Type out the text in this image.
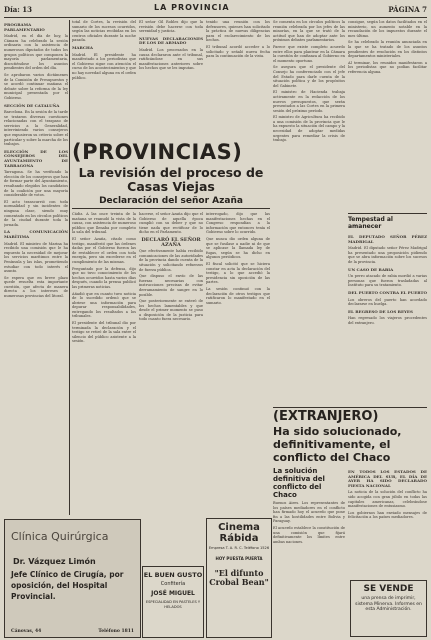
Día: 13	LA PROVINCIA	PÁGINA 7
PROGRAMA PARLAMENTARIO

Madrid, en el día de hoy, la Cámara ha celebrado la sesión ordinaria con la asistencia de numerosos diputados de todos los grupos políticos que componen la mayoría parlamentaria, discutiéndose los asuntos pendientes del orden del día.

Se aprobaron varios dictámenes de la Comisión de Presupuestos y se acordó continuar mañana el debate sobre la reforma de la ley municipal presentada por el Gobierno.

SECCIÓN DE CATALUÑA

Barcelona. En la sesión de la tarde se trataron diversas cuestiones relacionadas con el traspaso de servicios a la Generalidad, interviniendo varios consejeros que expusieron su criterio sobre el particular y sobre la marcha de los trabajos.

ELECCIÓN DE LOS CONSEJEROS DEL AYUNTAMIENTO DE TARRAGONA

Tarragona. Se ha verificado la elección de los consejeros que han de formar parte del Ayuntamiento, resultando elegidos los candidatos de la coalición por una mayoría considerable de votos.

El acto transcurrió con toda normalidad y sin incidentes de ninguna clase, siendo muy comentado en los círculos políticos de la ciudad durante toda la jornada.

LA COMUNICACIÓN MARÍTIMA

Madrid. El ministro de Marina ha recibido una comisión que le ha expuesto la necesidad de mejorar los servicios marítimos entre la Península y las islas, prometiendo estudiar con todo interés el asunto.

Se espera que en breve plazo quede resuelta esta importante cuestión, que afecta de manera directa a los intereses de numerosas provincias del litoral.

total de Cortes, la revisión del sumario de los sucesos ocurridos, según las noticias recibidas en los centros oficiales durante la noche pasada.

MARCHA

Madrid. El presidente ha manifestado a los periodistas que el Gobierno sigue con atención el curso de los acontecimientos y que no hay novedad alguna en el orden público.

El señor Gil Robles dijo que la revisión debe hacerse con toda serenidad y justicia.

NUEVAS DECLARACIONES DE LOS DE ARMADO

Madrid. Los procesados en la causa declararon ante el tribunal, ratificándose en sus manifestaciones anteriores sobre los hechos que se les imputan.

tenido una reunión con los defensores, quienes han solicitado la práctica de nuevas diligencias para el esclarecimiento de los hechos.

El tribunal acordó acceder a lo solicitado y señaló nueva fecha para la continuación de la vista.

(PROVINCIAS)
La revisión del proceso de Casas Viejas
Declaración del señor Azaña

Cádiz. A las once treinta de la mañana se reanudó la vista de la causa, con asistencia de numeroso público que llenaba por completo la sala del tribunal.

El señor Azaña, citado como testigo, manifestó que las órdenes dadas por el Gobierno fueron las de restablecer el orden con toda energía, pero sin excederse en el cumplimiento de las mismas.

Preguntado por la defensa, dijo que no tuvo conocimiento de los hechos ocurridos hasta varios días después, cuando la prensa publicó las primeras noticias.

Añadió que en cuanto tuvo noticia de lo sucedido ordenó que se abriese una información para depurar responsabilidades, entregando los resultados a los tribunales.

El presidente del tribunal dio por terminada la declaración y el testigo se retiró de la sala entre el silencio del público asistente a la sesión.

hacerse, el señor Azaña dijo que el Gobierno de aquella época cumplió con su deber y que no tiene nada que rectificar de lo dicho en el Parlamento.

DECLARÓ EL SEÑOR AZAÑA

Que efectivamente había recibido comunicaciones de las autoridades de la provincia dando cuenta de la situación y solicitando refuerzos de fuerza pública.

Que dispuso el envío de las fuerzas necesarias con instrucciones precisas de evitar derramamiento de sangre en lo posible.

Que posteriormente se enteró de los hechos lamentables y que desde el primer momento se puso a disposición de la justicia para todo cuanto fuera necesario.

interrogado, dijo que las manifestaciones hechas en el Congreso respondían a la información que entonces tenía el Gobierno sobre lo ocurrido.

Que nunca dio orden alguna de que se fusilase a nadie ni de que se aplicase la llamada ley de fugas, según se ha dicho en algunos periódicos.

El fiscal solicitó que se hiciera constar en acta la declaración del testigo, a lo que accedió la presidencia sin oposición de las partes.

La sesión continuó con la declaración de otros testigos que ratificaron lo manifestado en el sumario.

Se comenta en los círculos políticos la reunión celebrada por los jefes de las minorías, en la que se trató de la actitud que han de adoptar ante los próximos debates parlamentarios.

Parece que existe completo acuerdo entre ellos para plantear en la Cámara la cuestión de confianza al Gobierno en el momento oportuno.

Se asegura que el presidente del Consejo ha conferenciado con el jefe del Estado para darle cuenta de la situación política y de los propósitos del Gabinete.

El ministro de Hacienda trabaja activamente en la redacción de los nuevos presupuestos, que serán presentados a las Cortes en la primera sesión del próximo período.

El ministro de Agricultura ha recibido a una comisión de la provincia que le ha expuesto la situación del campo y la necesidad de adoptar medidas urgentes para remediar la crisis de trabajo.

consigue, según los datos facilitados en el ministerio, un aumento notable en la recaudación de los impuestos durante el mes último.

Se ha celebrado la reunión anunciada en la que se ha tratado de los asuntos pendientes de resolución en los distintos departamentos ministeriales.

Al terminar, los reunidos manifestaron a los periodistas que no podían facilitar referencia alguna.

Tempestad al amanecer
EL DEPUTADO SEÑOR PÉREZ MADRIGAL

Madrid. El diputado señor Pérez Madrigal ha presentado una proposición pidiendo que se abra información sobre los sucesos de la provincia.

UN CASO DE RABIA

Un perro atacado de rabia mordió a varias personas que fueron trasladadas al Instituto para su tratamiento.

DEL PUERTO CONTRA EL PUERTO

Los obreros del puerto han acordado declararse en huelga.

EL REGRESO DE LOS REYES

Han regresado los viajeros procedentes del extranjero.

(EXTRANJERO)
Ha sido solucionado, definitivamente, el conflicto del Chaco
La solución definitiva del conflicto del Chaco

Buenos Aires. Los representantes de los países mediadores en el conflicto han firmado hoy el acuerdo que pone fin a las hostilidades entre Bolivia y Paraguay.

El acuerdo establece la constitución de una comisión que fijará definitivamente los límites entre ambas naciones.

EN TODOS LOS ESTADOS DE AMÉRICA DEL SUR, EL DÍA DE AYER HA SIDO DECLARADO FIESTA NACIONAL

La noticia de la solución del conflicto ha sido acogida con gran júbilo en todas las capitales americanas, celebrándose manifestaciones de entusiasmo.

Los gobiernos han enviado mensajes de felicitación a los países mediadores.

SE VENDE
una prensa de imprimir, sistema Minerva. Informes en esta Administración.
Cinema Rábida
Empresa T. A. R. C. Teléfono 1526
HOY PUESTA PUERTA
"El difunto Crobal Bean"
EL BUEN GUSTO
Confitería
JOSÉ MIGUEL
ESPECIALIDAD EN PASTELES Y HELADOS
Clínica Quirúrgica
Dr. Vázquez Limón
Jefe Clínico de Cirugía, por oposición, del Hospital Provincial.
Cánovas, 44	Teléfono 1811
